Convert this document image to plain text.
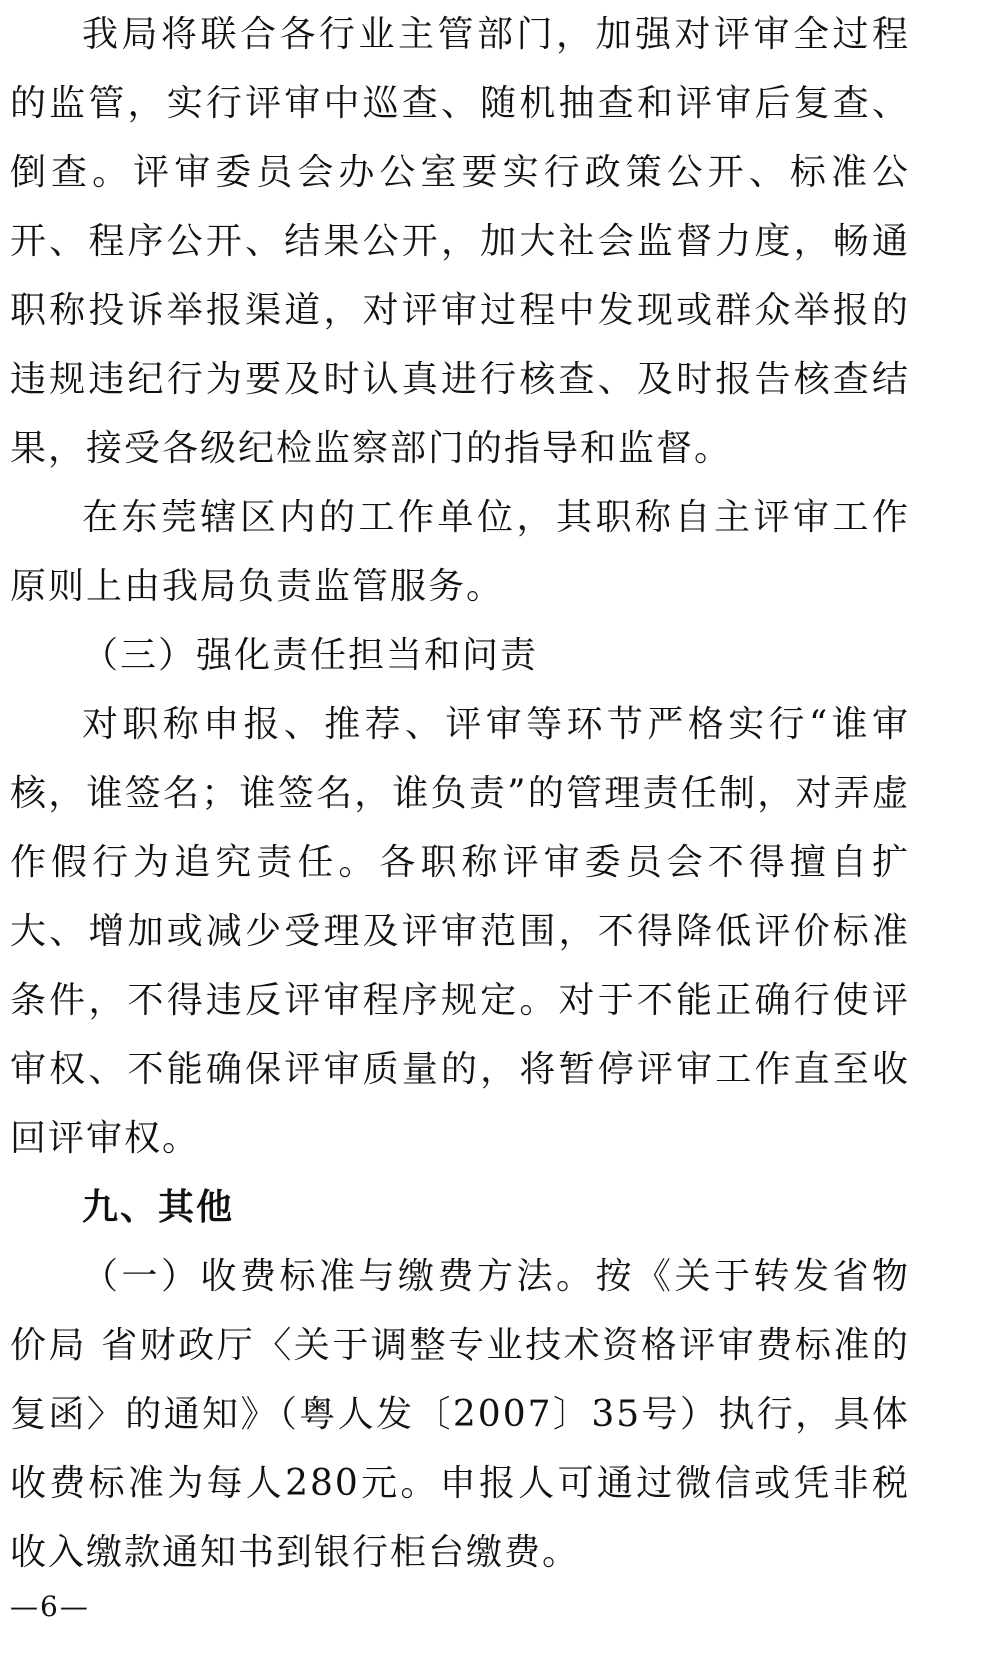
我局将联合各行业主管部门，加强对评审全过程的监管，实行评审中巡查、随机抽查和评审后复查、倒查。评审委员会办公室要实行政策公开、标准公开、程序公开、结果公开，加大社会监督力度，畅通职称投诉举报渠道，对评审过程中发现或群众举报的违规违纪行为要及时认真进行核查、及时报告核查结果，接受各级纪检监察部门的指导和监督。

在东莞辖区内的工作单位，其职称自主评审工作原则上由我局负责监管服务。

（三）强化责任担当和问责

对职称申报、推荐、评审等环节严格实行“谁审核，谁签名；谁签名，谁负责”的管理责任制，对弄虚作假行为追究责任。各职称评审委员会不得擅自扩大、增加或减少受理及评审范围，不得降低评价标准条件，不得违反评审程序规定。对于不能正确行使评审权、不能确保评审质量的，将暂停评审工作直至收回评审权。

九、其他

（一）收费标准与缴费方法。按《关于转发省物价局 省财政厅〈关于调整专业技术资格评审费标准的复函〉的通知》（粤人发〔2007〕35号）执行，具体收费标准为每人280元。申报人可通过微信或凭非税收入缴款通知书到银行柜台缴费。

—6—
